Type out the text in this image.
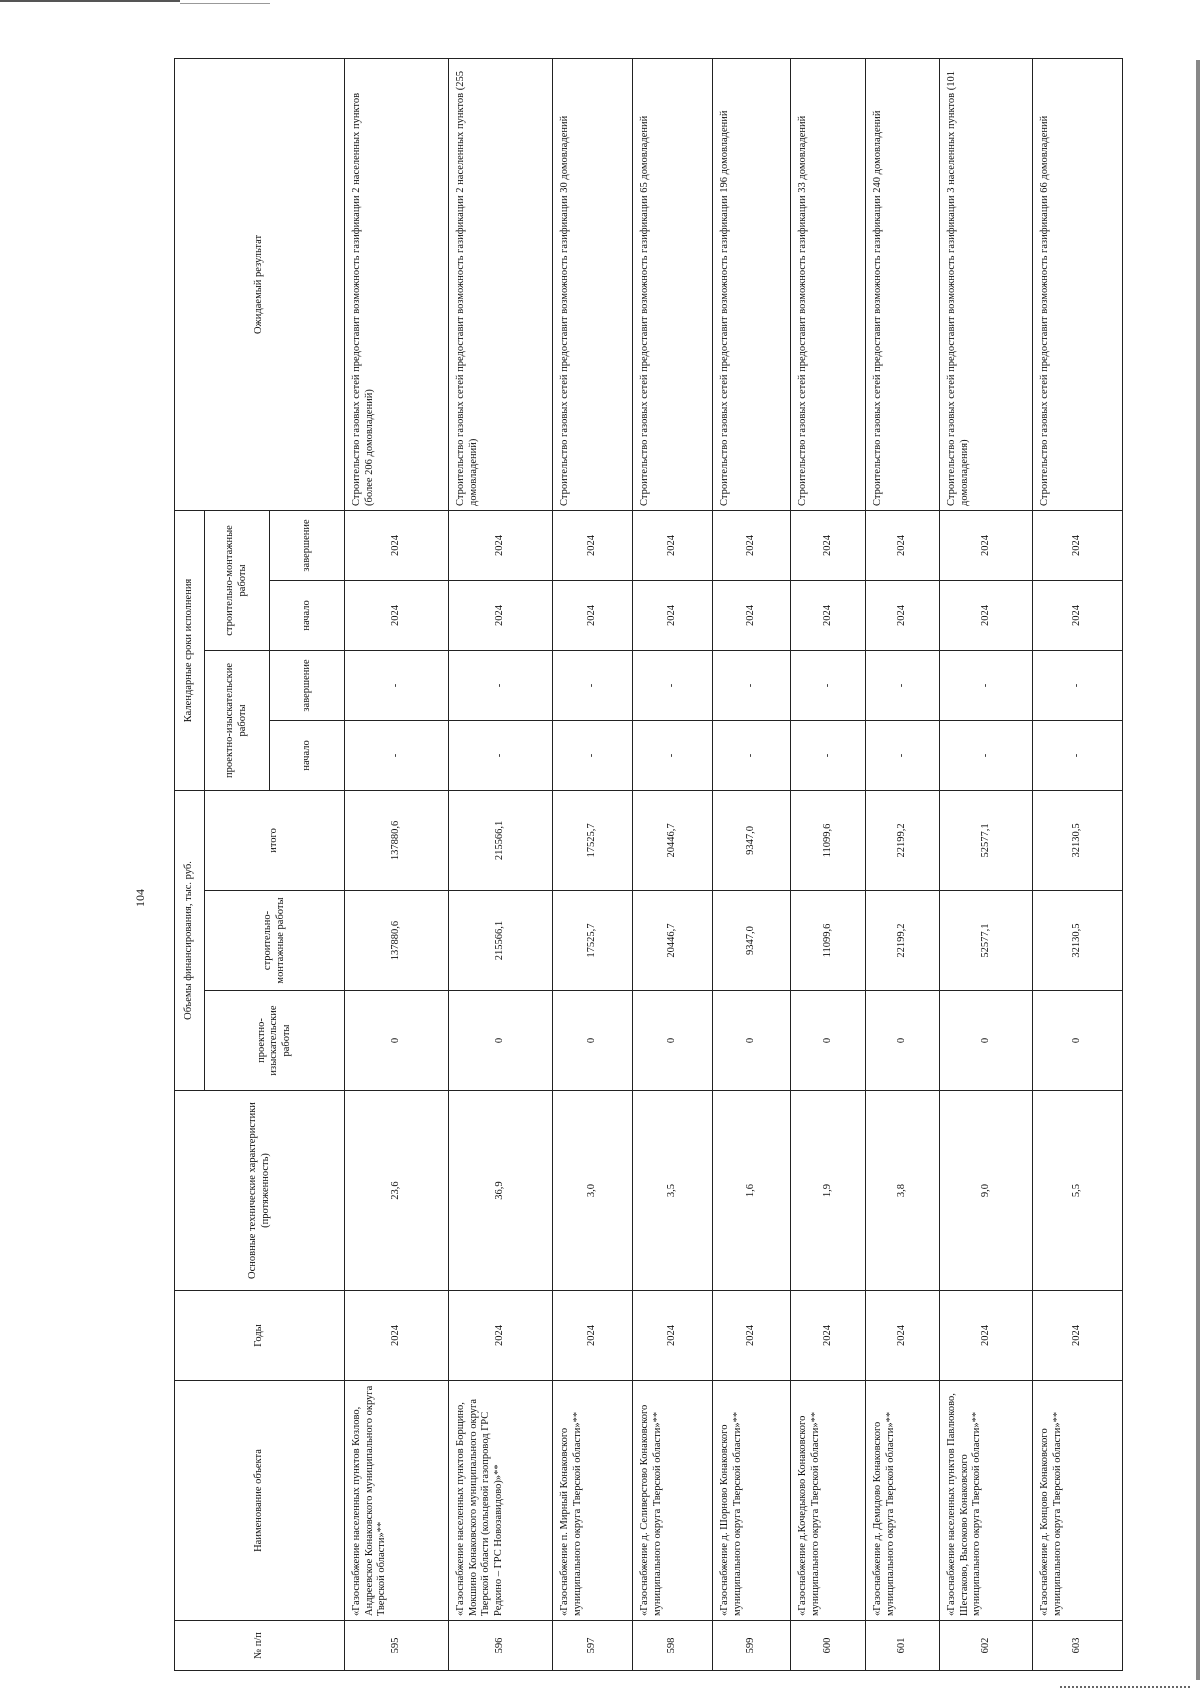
104
№ п/п	Наименование объекта	Годы	Основные технические характеристики (протяженность)	Объемы финансирования, тыс. руб.			Календарные сроки исполнения				Ожидаемый результат
				проектно-изыскательские работы	строительно-монтажные работы	итого	проектно-изыскательские работы		строительно-монтажные работы		
							начало	завершение	начало	завершение	
595	«Газоснабжение населенных пунктов Козлово, Андреевское Конаковского муниципального округа Тверской области»**	2024	23,6	0	137880,6	137880,6	-	-	2024	2024	Строительство газовых сетей предоставит возможность газификации 2 населенных пунктов (более 206 домовладений)
596	«Газоснабжение населенных пунктов Борщино, Мокшино Конаковского муниципального округа Тверской области (кольцевой газопровод ГРС Редкино – ГРС Новозавидово)»**	2024	36,9	0	215566,1	215566,1	-	-	2024	2024	Строительство газовых сетей предоставит возможность газификации 2 населенных пунктов (255 домовладений)
597	«Газоснабжение п. Мирный Конаковского муниципального округа Тверской области»**	2024	3,0	0	17525,7	17525,7	-	-	2024	2024	Строительство газовых сетей предоставит возможность газификации 30 домовладений
598	«Газоснабжение д. Селиверстово Конаковского муниципального округа Тверской области»**	2024	3,5	0	20446,7	20446,7	-	-	2024	2024	Строительство газовых сетей предоставит возможность газификации 65 домовладений
599	«Газоснабжение д. Шорново Конаковского муниципального округа Тверской области»**	2024	1,6	0	9347,0	9347,0	-	-	2024	2024	Строительство газовых сетей предоставит возможность газификации 196 домовладений
600	«Газоснабжение д.Кочедыково Конаковского муниципального округа Тверской области»**	2024	1,9	0	11099,6	11099,6	-	-	2024	2024	Строительство газовых сетей предоставит возможность газификации 33 домовладений
601	«Газоснабжение д. Демидово Конаковского муниципального округа Тверской области»**	2024	3,8	0	22199,2	22199,2	-	-	2024	2024	Строительство газовых сетей предоставит возможность газификации 240 домовладений
602	«Газоснабжение населенных пунктов Павлюково, Шестаково, Высоково Конаковского муниципального округа Тверской области»**	2024	9,0	0	52577,1	52577,1	-	-	2024	2024	Строительство газовых сетей предоставит возможность газификации 3 населенных пунктов (101 домовладения)
603	«Газоснабжение д. Концово Конаковского муниципального округа Тверской области»**	2024	5,5	0	32130,5	32130,5	-	-	2024	2024	Строительство газовых сетей предоставит возможность газификации 66 домовладений
